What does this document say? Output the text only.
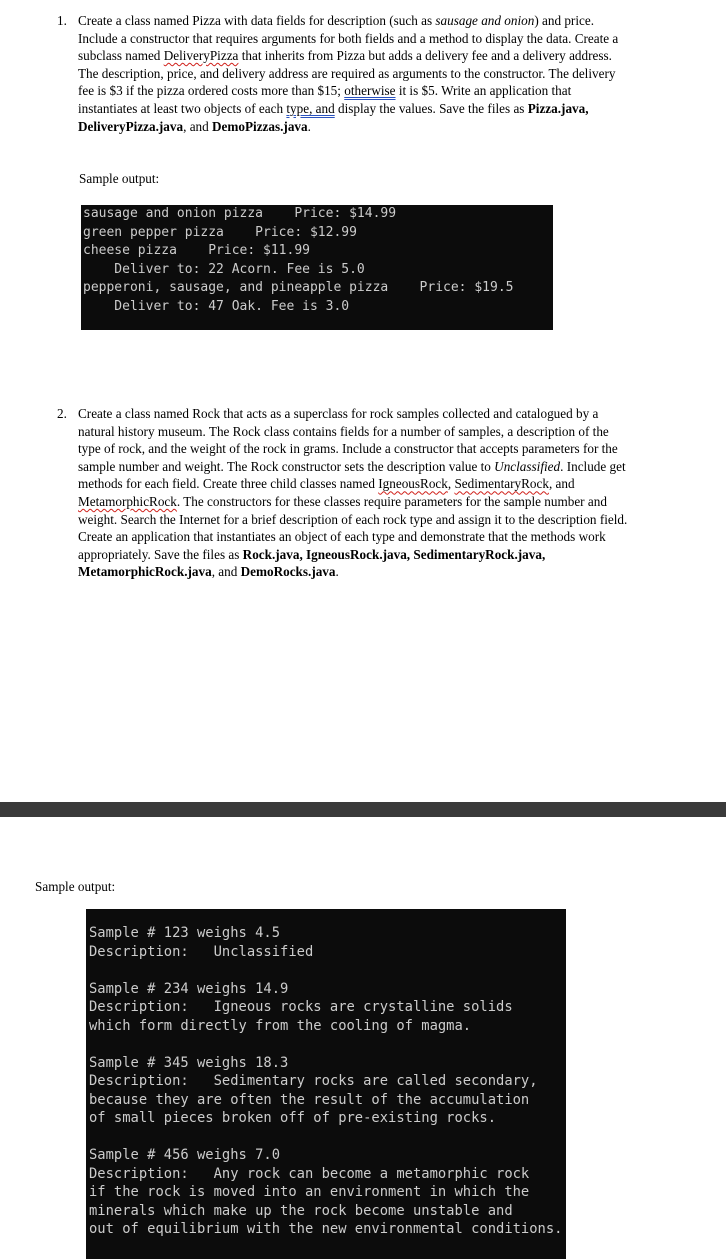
1. Create a class named Pizza with data fields for description (such as sausage and onion) and price.
Include a constructor that requires arguments for both fields and a method to display the data. Create a
subclass named DeliveryPizza that inherits from Pizza but adds a delivery fee and a delivery address.
The description, price, and delivery address are required as arguments to the constructor. The delivery
fee is $3 if the pizza ordered costs more than $15; otherwise it is $5. Write an application that
instantiates at least two objects of each type, and display the values. Save the files as Pizza.java,
DeliveryPizza.java, and DemoPizzas.java.
Sample output:
sausage and onion pizza    Price: $14.99
green pepper pizza    Price: $12.99
cheese pizza    Price: $11.99
Deliver to: 22 Acorn. Fee is 5.0
pepperoni, sausage, and pineapple pizza    Price: $19.5
Deliver to: 47 Oak. Fee is 3.0
2. Create a class named Rock that acts as a superclass for rock samples collected and catalogued by a
natural history museum. The Rock class contains fields for a number of samples, a description of the
type of rock, and the weight of the rock in grams. Include a constructor that accepts parameters for the
sample number and weight. The Rock constructor sets the description value to Unclassified. Include get
methods for each field. Create three child classes named IgneousRock, SedimentaryRock, and
MetamorphicRock. The constructors for these classes require parameters for the sample number and
weight. Search the Internet for a brief description of each rock type and assign it to the description field.
Create an application that instantiates an object of each type and demonstrate that the methods work
appropriately. Save the files as Rock.java, IgneousRock.java, SedimentaryRock.java,
MetamorphicRock.java, and DemoRocks.java.
Sample output:
Sample # 123 weighs 4.5
Description:   Unclassified
Sample # 234 weighs 14.9
Description:   Igneous rocks are crystalline solids
which form directly from the cooling of magma.
Sample # 345 weighs 18.3
Description:   Sedimentary rocks are called secondary,
because they are often the result of the accumulation
of small pieces broken off of pre-existing rocks.
Sample # 456 weighs 7.0
Description:   Any rock can become a metamorphic rock
if the rock is moved into an environment in which the
minerals which make up the rock become unstable and
out of equilibrium with the new environmental conditions.
